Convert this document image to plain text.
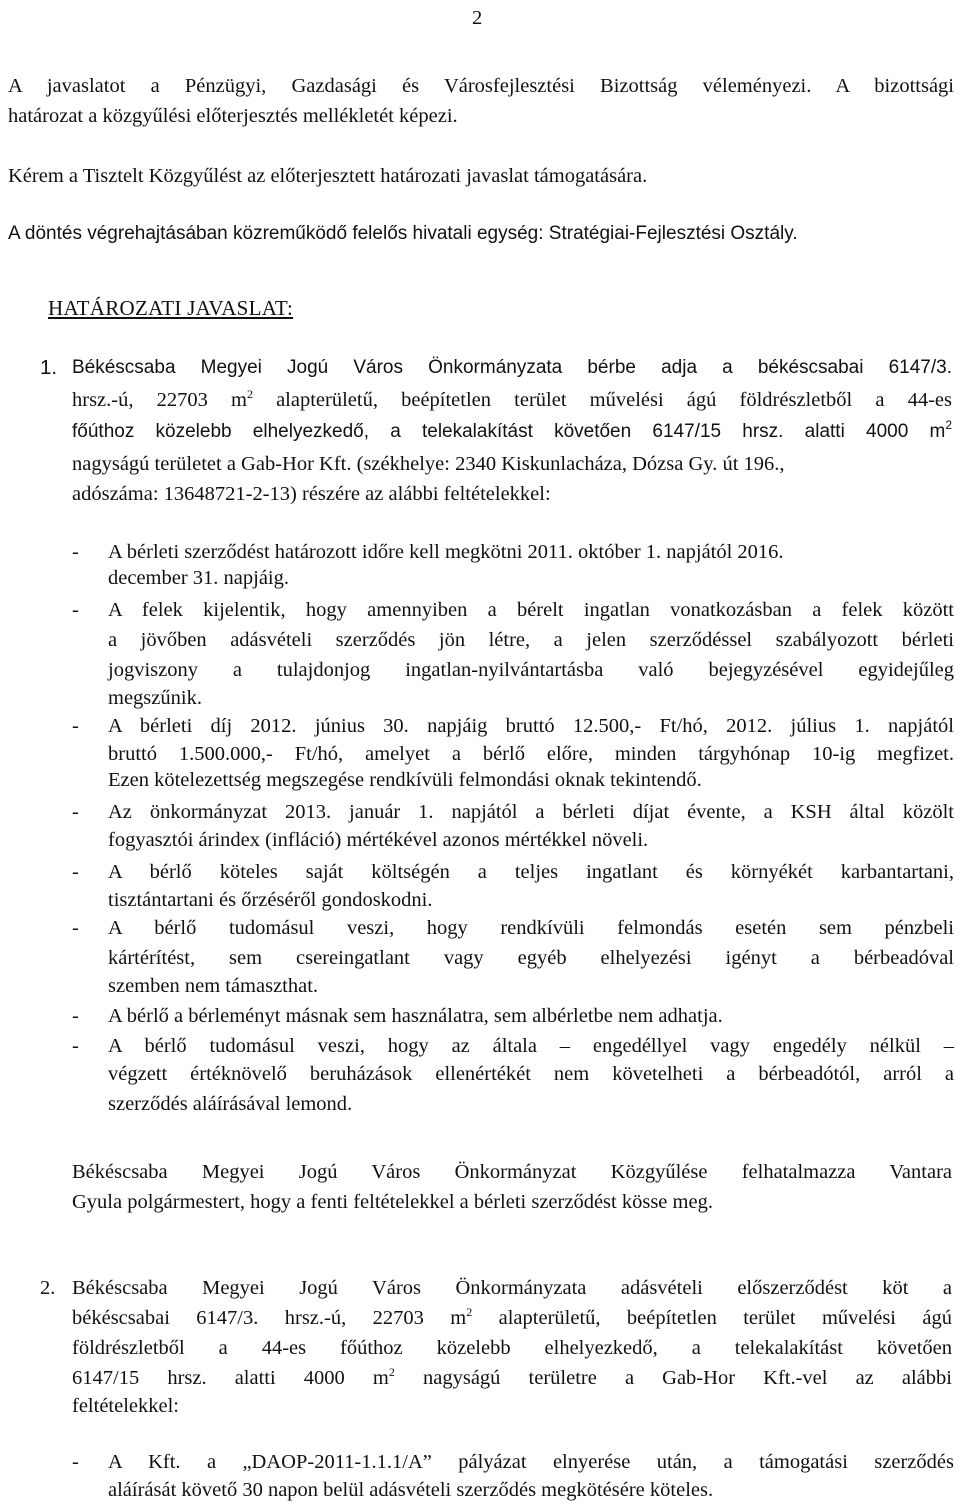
2
A javaslatot a Pénzügyi, Gazdasági és Városfejlesztési Bizottság véleményezi. A bizottsági
határozat a közgyűlési előterjesztés mellékletét képezi.
Kérem a Tisztelt Közgyűlést az előterjesztett határozati javaslat támogatására.
A döntés végrehajtásában közreműködő felelős hivatali egység: Stratégiai-Fejlesztési Osztály.
HATÁROZATI JAVASLAT:
1. Békéscsaba Megyei Jogú Város Önkormányzata bérbe adja a békéscsabai 6147/3.
hrsz.-ú, 22703 $m^2$ alapterületű, beépítetlen terület művelési ágú földrészletből a 44-es
főúthoz közelebb elhelyezkedő, a telekalakítást követően 6147/15 hrsz. alatti 4000 $m^2$
nagyságú területet a Gab-Hor Kft. (székhelye: 2340 Kiskunlacháza, Dózsa Gy. út 196.,
adószáma: 13648721-2-13) részére az alábbi feltételekkel:
- A bérleti szerződést határozott időre kell megkötni 2011. október 1. napjától 2016.
december 31. napjáig.
- A felek kijelentik, hogy amennyiben a bérelt ingatlan vonatkozásban a felek között
a jövőben adásvételi szerződés jön létre, a jelen szerződéssel szabályozott bérleti
jogviszony a tulajdonjog ingatlan-nyilvántartásba való bejegyzésével egyidejűleg
megszűnik.
- A bérleti díj 2012. június 30. napjáig bruttó 12.500,- Ft/hó, 2012. július 1. napjától
bruttó 1.500.000,- Ft/hó, amelyet a bérlő előre, minden tárgyhónap 10-ig megfizet.
Ezen kötelezettség megszegése rendkívüli felmondási oknak tekintendő.
- Az önkormányzat 2013. január 1. napjától a bérleti díjat évente, a KSH által közölt
fogyasztói árindex (infláció) mértékével azonos mértékkel növeli.
- A bérlő köteles saját költségén a teljes ingatlant és környékét karbantartani,
tisztántartani és őrzéséről gondoskodni.
- A bérlő tudomásul veszi, hogy rendkívüli felmondás esetén sem pénzbeli
kártérítést, sem csereingatlant vagy egyéb elhelyezési igényt a bérbeadóval
szemben nem támaszthat.
- A bérlő a bérleményt másnak sem használatra, sem albérletbe nem adhatja.
- A bérlő tudomásul veszi, hogy az általa – engedéllyel vagy engedély nélkül –
végzett értéknövelő beruházások ellenértékét nem követelheti a bérbeadótól, arról a
szerződés aláírásával lemond.
Békéscsaba Megyei Jogú Város Önkormányzat Közgyűlése felhatalmazza Vantara
Gyula polgármestert, hogy a fenti feltételekkel a bérleti szerződést kösse meg.
2. Békéscsaba Megyei Jogú Város Önkormányzata adásvételi előszerződést köt a
békéscsabai 6147/3. hrsz.-ú, 22703 $m^2$ alapterületű, beépítetlen terület művelési ágú
földrészletből a 44-es főúthoz közelebb elhelyezkedő, a telekalakítást követően
6147/15 hrsz. alatti 4000 $m^2$ nagyságú területre a Gab-Hor Kft.-vel az alábbi
feltételekkel:
- A Kft. a „DAOP-2011-1.1.1/A” pályázat elnyerése után, a támogatási szerződés
aláírását követő 30 napon belül adásvételi szerződés megkötésére köteles.
